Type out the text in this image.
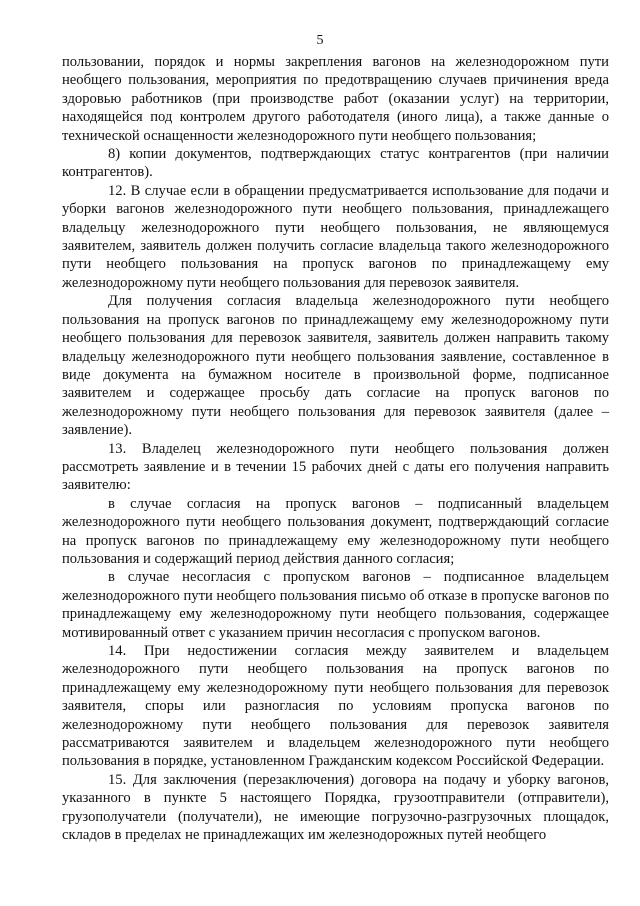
5

пользовании, порядок и нормы закрепления вагонов на железнодорожном пути необщего пользования, мероприятия по предотвращению случаев причинения вреда здоровью работников (при производстве работ (оказании услуг) на территории, находящейся под контролем другого работодателя (иного лица), а также данные о технической оснащенности железнодорожного пути необщего пользования;

8) копии документов, подтверждающих статус контрагентов (при наличии контрагентов).

12. В случае если в обращении предусматривается использование для подачи и уборки вагонов железнодорожного пути необщего пользования, принадлежащего владельцу железнодорожного пути необщего пользования, не являющемуся заявителем, заявитель должен получить согласие владельца такого железнодорожного пути необщего пользования на пропуск вагонов по принадлежащему ему железнодорожному пути необщего пользования для перевозок заявителя.

Для получения согласия владельца железнодорожного пути необщего пользования на пропуск вагонов по принадлежащему ему железнодорожному пути необщего пользования для перевозок заявителя, заявитель должен направить такому владельцу железнодорожного пути необщего пользования заявление, составленное в виде документа на бумажном носителе в произвольной форме, подписанное заявителем и содержащее просьбу дать согласие на пропуск вагонов по железнодорожному пути необщего пользования для перевозок заявителя (далее – заявление).

13. Владелец железнодорожного пути необщего пользования должен рассмотреть заявление и в течении 15 рабочих дней с даты его получения направить заявителю:

в случае согласия на пропуск вагонов – подписанный владельцем железнодорожного пути необщего пользования документ, подтверждающий согласие на пропуск вагонов по принадлежащему ему железнодорожному пути необщего пользования и содержащий период действия данного согласия;

в случае несогласия с пропуском вагонов – подписанное владельцем железнодорожного пути необщего пользования письмо об отказе в пропуске вагонов по принадлежащему ему железнодорожному пути необщего пользования, содержащее мотивированный ответ с указанием причин несогласия с пропуском вагонов.

14. При недостижении согласия между заявителем и владельцем железнодорожного пути необщего пользования на пропуск вагонов по принадлежащему ему железнодорожному пути необщего пользования для перевозок заявителя, споры или разногласия по условиям пропуска вагонов по железнодорожному пути необщего пользования для перевозок заявителя рассматриваются заявителем и владельцем железнодорожного пути необщего пользования в порядке, установленном Гражданским кодексом Российской Федерации.

15. Для заключения (перезаключения) договора на подачу и уборку вагонов, указанного в пункте 5 настоящего Порядка, грузоотправители (отправители), грузополучатели (получатели), не имеющие погрузочно-разгрузочных площадок, складов в пределах не принадлежащих им железнодорожных путей необщего
